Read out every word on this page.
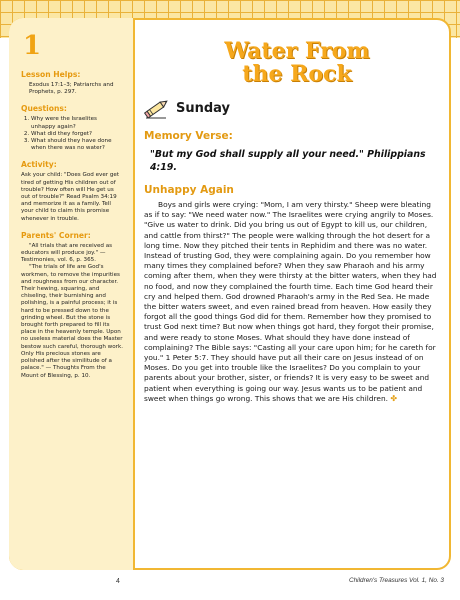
1
Lesson Helps:

Exodus 17:1–3; Patriarchs and Prophets, p. 297.

Questions:
1. Why were the Israelites unhappy again?
2. What did they forget?
3. What should they have done when there was no water?
Activity:

Ask your child: "Does God ever get tired of getting His children out of trouble? How often will He get us out of trouble?" Read Psalm 34:19 and memorize it as a family. Tell your child to claim this promise whenever in trouble.

Parents' Corner:

"All trials that are received as educators will produce joy." — Testimonies, vol. 6, p. 365.

"The trials of life are God's workmen, to remove the impurities and roughness from our character. Their hewing, squaring, and chiseling, their burnishing and polishing, is a painful process; it is hard to be pressed down to the grinding wheel. But the stone is brought forth prepared to fill its place in the heavenly temple. Upon no useless material does the Master bestow such careful, thorough work. Only His precious stones are polished after the similitude of a palace." — Thoughts From the Mount of Blessing, p. 10.

Water From
the Rock
Sunday
Memory Verse:

"But my God shall supply all your need." Philippians 4:19.

Unhappy Again

Boys and girls were crying: "Mom, I am very thirsty." Sheep were bleating as if to say: "We need water now." The Israelites were crying angrily to Moses. "Give us water to drink. Did you bring us out of Egypt to kill us, our children, and cattle from thirst?" The people were walking through the hot desert for a long time. Now they pitched their tents in Rephidim and there was no water. Instead of trusting God, they were complaining again. Do you remember how many times they complained before? When they saw Pharaoh and his army coming after them, when they were thirsty at the bitter waters, when they had no food, and now they complained the fourth time. Each time God heard their cry and helped them. God drowned Pharaoh's army in the Red Sea. He made the bitter waters sweet, and even rained bread from heaven. How easily they forgot all the good things God did for them. Remember how they promised to trust God next time? But now when things got hard, they forgot their promise, and were ready to stone Moses. What should they have done instead of complaining? The Bible says: "Casting all your care upon him; for he careth for you." 1 Peter 5:7. They should have put all their care on Jesus instead of on Moses. Do you get into trouble like the Israelites? Do you complain to your parents about your brother, sister, or friends? It is very easy to be sweet and patient when everything is going our way. Jesus wants us to be patient and sweet when things go wrong. This shows that we are His children. ✤

4	Children's Treasures Vol. 1, No. 3
